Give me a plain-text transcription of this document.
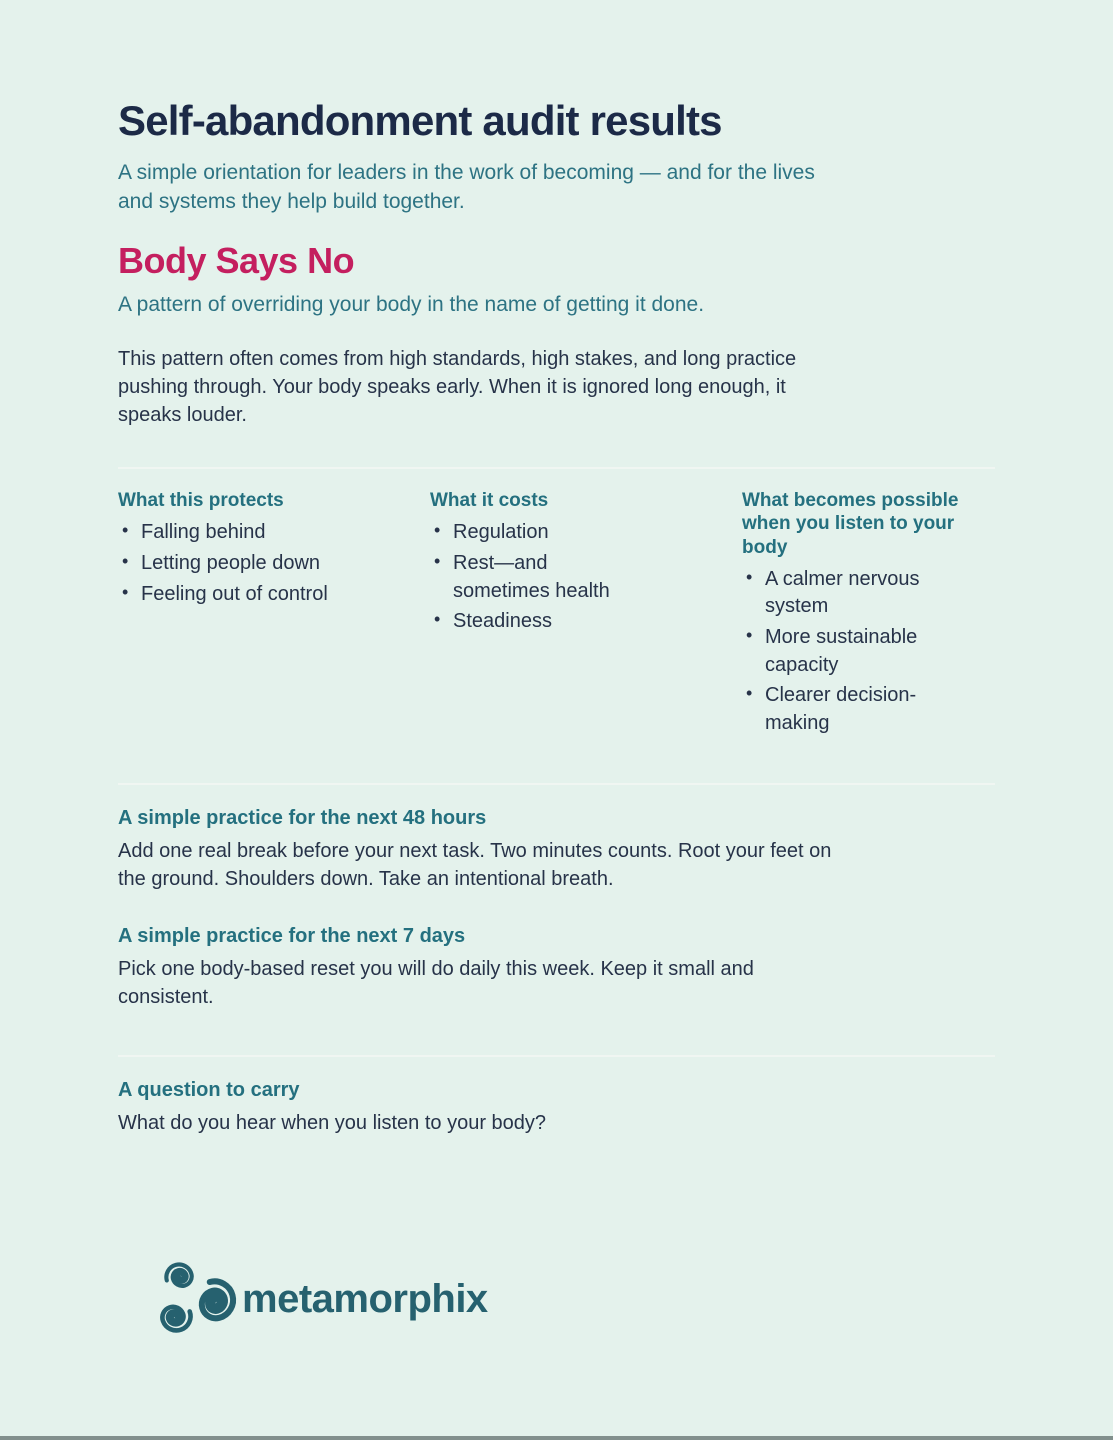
Self-abandonment audit results

A simple orientation for leaders in the work of becoming — and for the lives and systems they help build together.

Body Says No

A pattern of overriding your body in the name of getting it done.

This pattern often comes from high standards, high stakes, and long practice pushing through. Your body speaks early. When it is ignored long enough, it speaks louder.

What this protects
• Falling behind
• Letting people down
• Feeling out of control
What it costs
• Regulation
• Rest—and sometimes health
• Steadiness
What becomes possible when you listen to your body
• A calmer nervous system
• More sustainable capacity
• Clearer decision-making
A simple practice for the next 48 hours

Add one real break before your next task. Two minutes counts. Root your feet on the ground. Shoulders down. Take an intentional breath.

A simple practice for the next 7 days

Pick one body-based reset you will do daily this week. Keep it small and consistent.

A question to carry

What do you hear when you listen to your body?

metamorphix
